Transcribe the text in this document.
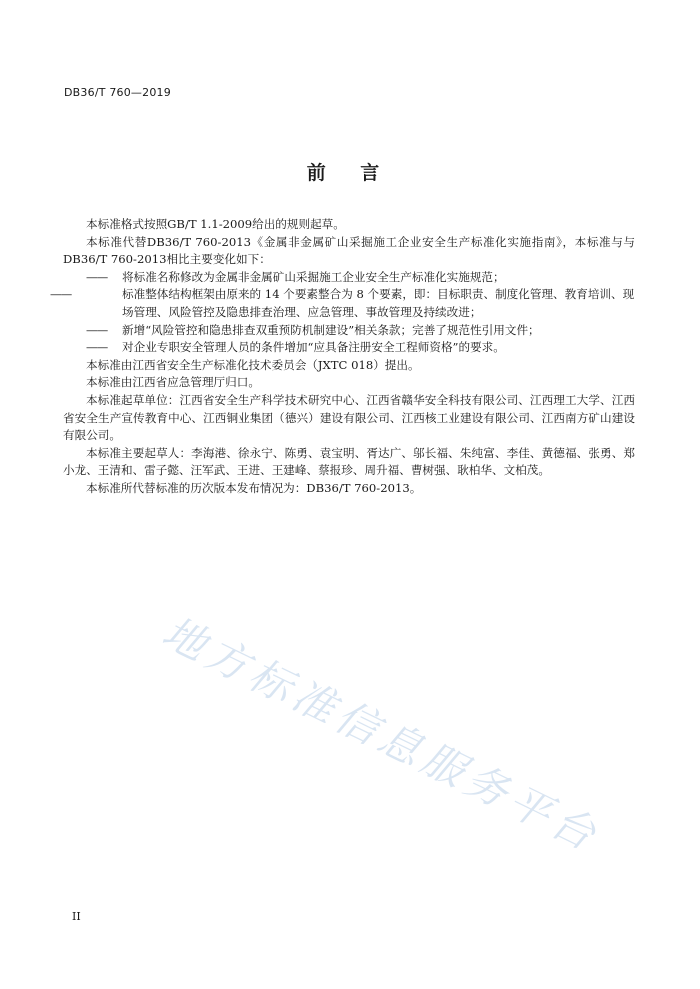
DB36/T 760—2019
前 言

本标准格式按照GB/T 1.1-2009给出的规则起草。

本标准代替DB36/T 760-2013《金属非金属矿山采掘施工企业安全生产标准化实施指南》，本标准与与DB36/T 760-2013相比主要变化如下：

—— 将标准名称修改为金属非金属矿山采掘施工企业安全生产标准化实施规范；

——	标准整体结构框架由原来的 14 个要素整合为 8 个要素，即：目标职责、制度化管理、教育培训、现场管理、风险管控及隐患排查治理、应急管理、事故管理及持续改进；

—— 新增“风险管控和隐患排查双重预防机制建设”相关条款；完善了规范性引用文件；

—— 对企业专职安全管理人员的条件增加“应具备注册安全工程师资格”的要求。

本标准由江西省安全生产标准化技术委员会（JXTC 018）提出。

本标准由江西省应急管理厅归口。

本标准起草单位：江西省安全生产科学技术研究中心、江西省赣华安全科技有限公司、江西理工大学、江西省安全生产宣传教育中心、江西铜业集团（德兴）建设有限公司、江西核工业建设有限公司、江西南方矿山建设有限公司。

本标准主要起草人：李海港、徐永宁、陈勇、袁宝明、胥达广、邬长福、朱纯富、李佳、黄德福、张勇、郑小龙、王清和、雷子懿、汪军武、王进、王建峰、蔡报珍、周升福、曹树强、耿柏华、文柏茂。

本标准所代替标准的历次版本发布情况为：DB36/T 760-2013。

地方标准信息服务平台
II
